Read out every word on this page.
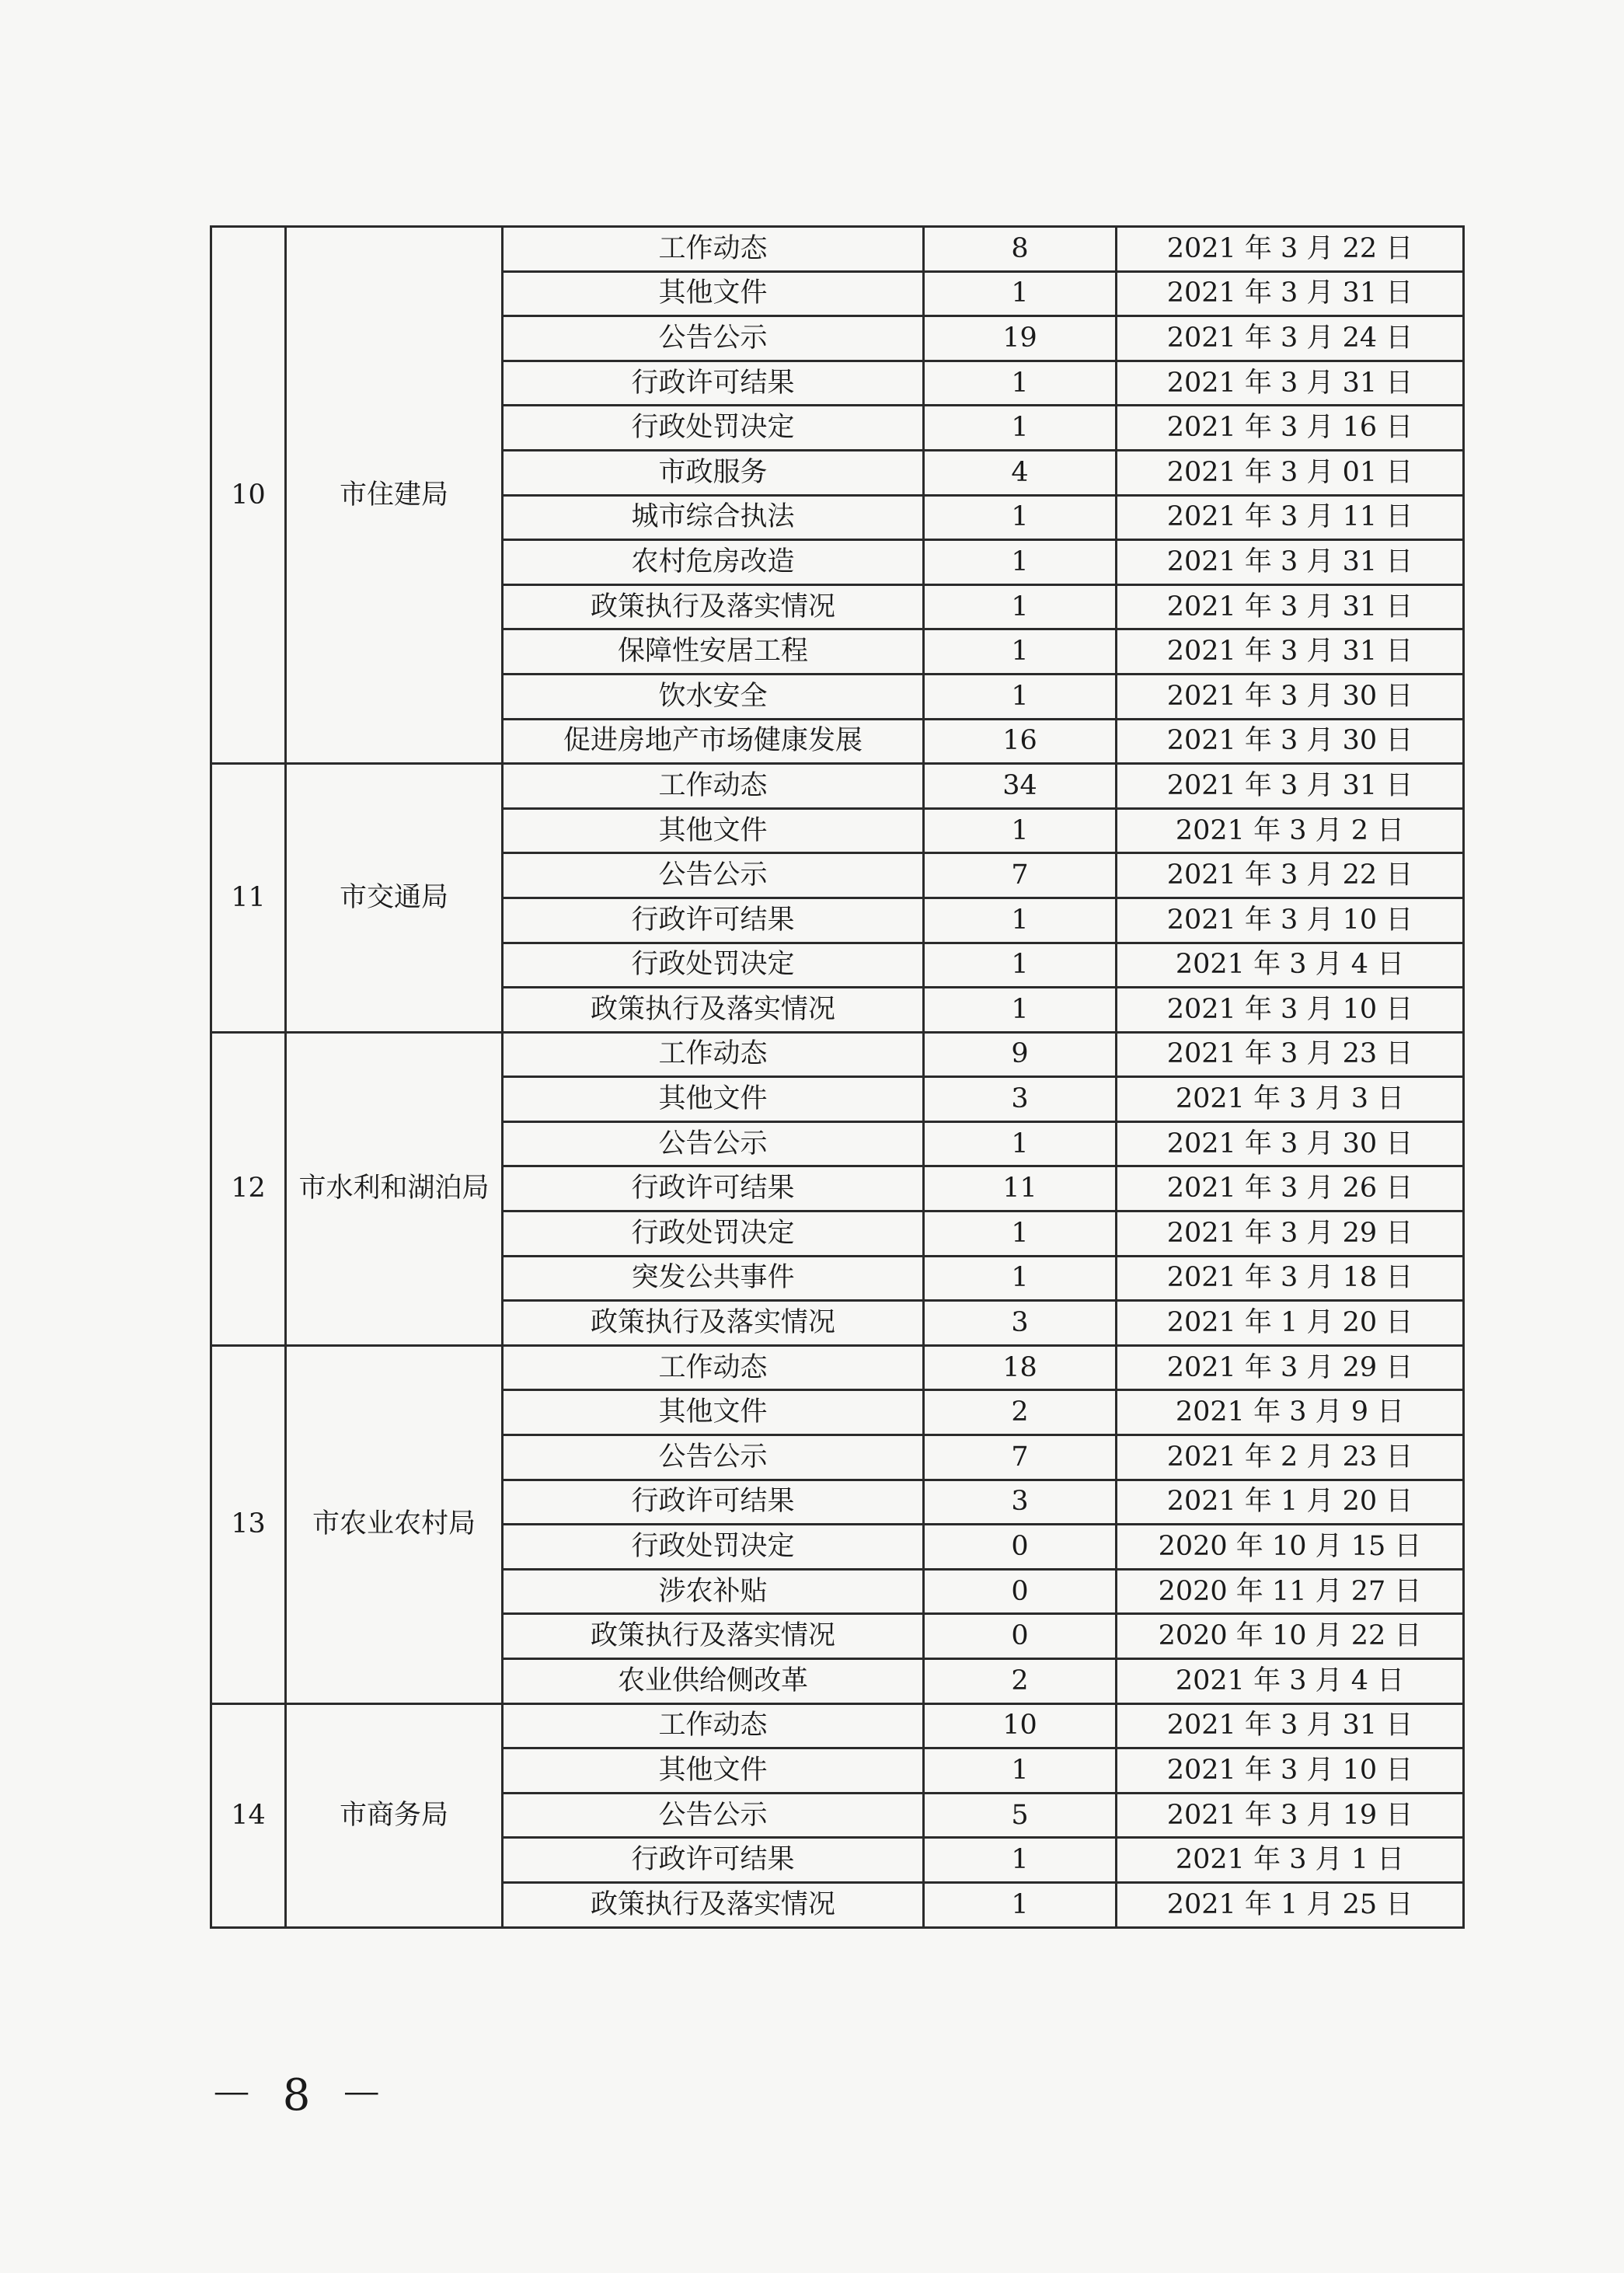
10	市住建局	工作动态	8	2021 年 3 月 22 日
		其他文件	1	2021 年 3 月 31 日
		公告公示	19	2021 年 3 月 24 日
		行政许可结果	1	2021 年 3 月 31 日
		行政处罚决定	1	2021 年 3 月 16 日
		市政服务	4	2021 年 3 月 01 日
		城市综合执法	1	2021 年 3 月 11 日
		农村危房改造	1	2021 年 3 月 31 日
		政策执行及落实情况	1	2021 年 3 月 31 日
		保障性安居工程	1	2021 年 3 月 31 日
		饮水安全	1	2021 年 3 月 30 日
		促进房地产市场健康发展	16	2021 年 3 月 30 日
11	市交通局	工作动态	34	2021 年 3 月 31 日
		其他文件	1	2021 年 3 月 2 日
		公告公示	7	2021 年 3 月 22 日
		行政许可结果	1	2021 年 3 月 10 日
		行政处罚决定	1	2021 年 3 月 4 日
		政策执行及落实情况	1	2021 年 3 月 10 日
12	市水利和湖泊局	工作动态	9	2021 年 3 月 23 日
		其他文件	3	2021 年 3 月 3 日
		公告公示	1	2021 年 3 月 30 日
		行政许可结果	11	2021 年 3 月 26 日
		行政处罚决定	1	2021 年 3 月 29 日
		突发公共事件	1	2021 年 3 月 18 日
		政策执行及落实情况	3	2021 年 1 月 20 日
13	市农业农村局	工作动态	18	2021 年 3 月 29 日
		其他文件	2	2021 年 3 月 9 日
		公告公示	7	2021 年 2 月 23 日
		行政许可结果	3	2021 年 1 月 20 日
		行政处罚决定	0	2020 年 10 月 15 日
		涉农补贴	0	2020 年 11 月 27 日
		政策执行及落实情况	0	2020 年 10 月 22 日
		农业供给侧改革	2	2021 年 3 月 4 日
14	市商务局	工作动态	10	2021 年 3 月 31 日
		其他文件	1	2021 年 3 月 10 日
		公告公示	5	2021 年 3 月 19 日
		行政许可结果	1	2021 年 3 月 1 日
		政策执行及落实情况	1	2021 年 1 月 25 日
－ 8 －
